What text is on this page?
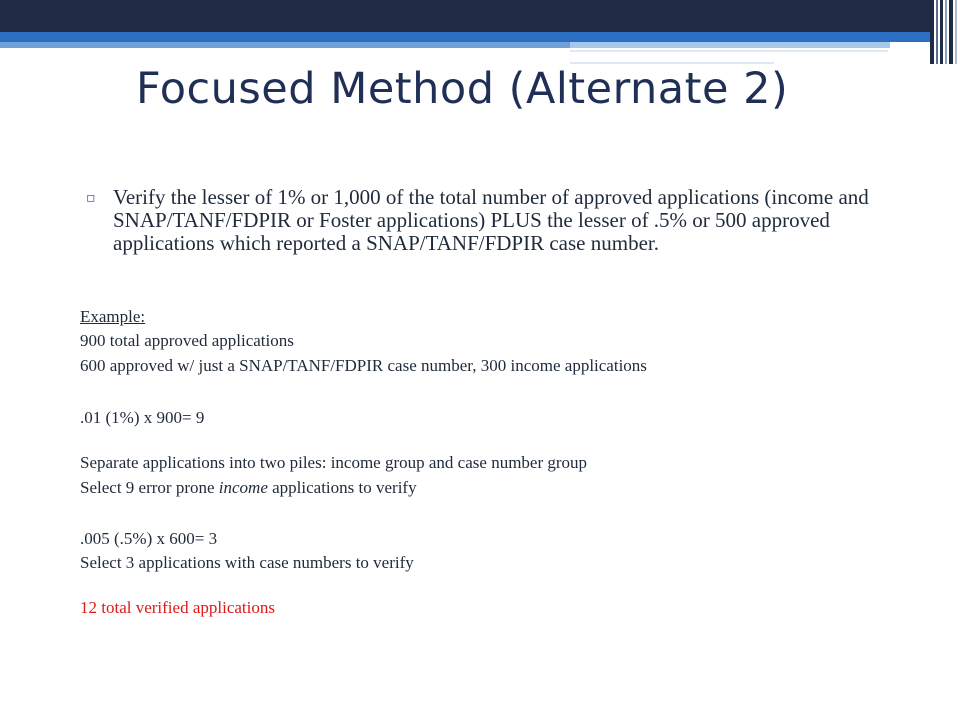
Focused Method (Alternate 2)
▫ Verify the lesser of 1% or 1,000 of the total number of approved applications (income and SNAP/TANF/FDPIR or Foster applications) PLUS the lesser of .5% or 500 approved applications which reported a SNAP/TANF/FDPIR case number.
Example:
900 total approved applications
600 approved w/ just a SNAP/TANF/FDPIR case number, 300 income applications
.01 (1%) x 900= 9
Separate applications into two piles: income group and case number group
Select 9 error prone income applications to verify
.005 (.5%) x 600= 3
Select 3 applications with case numbers to verify
12 total verified applications
